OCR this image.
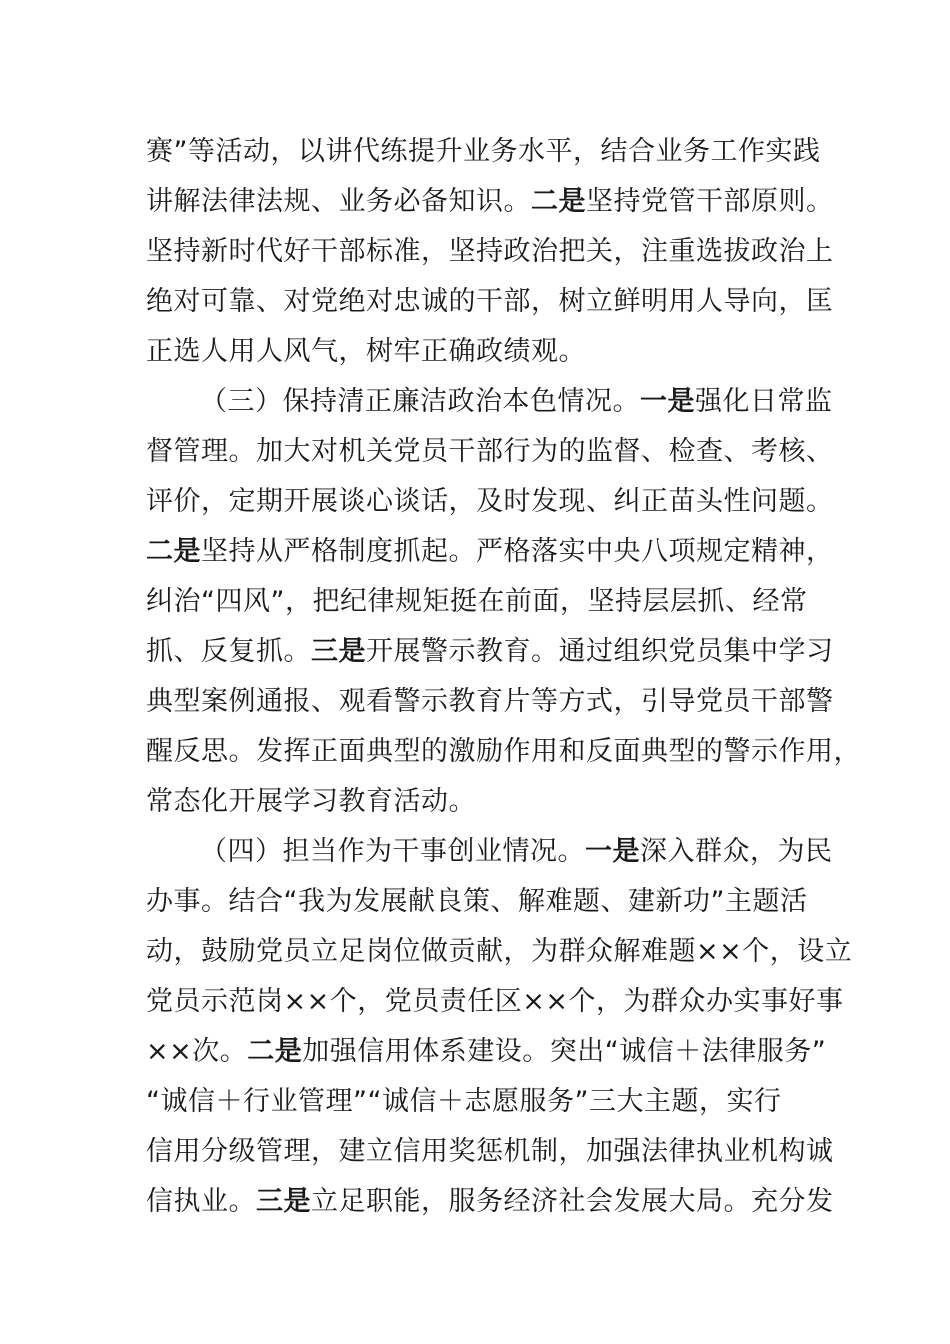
赛”等活动，以讲代练提升业务水平，结合业务工作实践
讲解法律法规、业务必备知识。二是坚持党管干部原则。
坚持新时代好干部标准，坚持政治把关，注重选拔政治上
绝对可靠、对党绝对忠诚的干部，树立鲜明用人导向，匡
正选人用人风气，树牢正确政绩观。
（三）保持清正廉洁政治本色情况。一是强化日常监
督管理。加大对机关党员干部行为的监督、检查、考核、
评价，定期开展谈心谈话，及时发现、纠正苗头性问题。
二是坚持从严格制度抓起。严格落实中央八项规定精神，
纠治“四风”，把纪律规矩挺在前面，坚持层层抓、经常
抓、反复抓。三是开展警示教育。通过组织党员集中学习
典型案例通报、观看警示教育片等方式，引导党员干部警
醒反思。发挥正面典型的激励作用和反面典型的警示作用，
常态化开展学习教育活动。
（四）担当作为干事创业情况。一是深入群众，为民
办事。结合“我为发展献良策、解难题、建新功”主题活
动，鼓励党员立足岗位做贡献，为群众解难题××个，设立
党员示范岗××个，党员责任区××个，为群众办实事好事
××次。二是加强信用体系建设。突出“诚信＋法律服务”
“诚信＋行业管理”“诚信＋志愿服务”三大主题，实行
信用分级管理，建立信用奖惩机制，加强法律执业机构诚
信执业。三是立足职能，服务经济社会发展大局。充分发
